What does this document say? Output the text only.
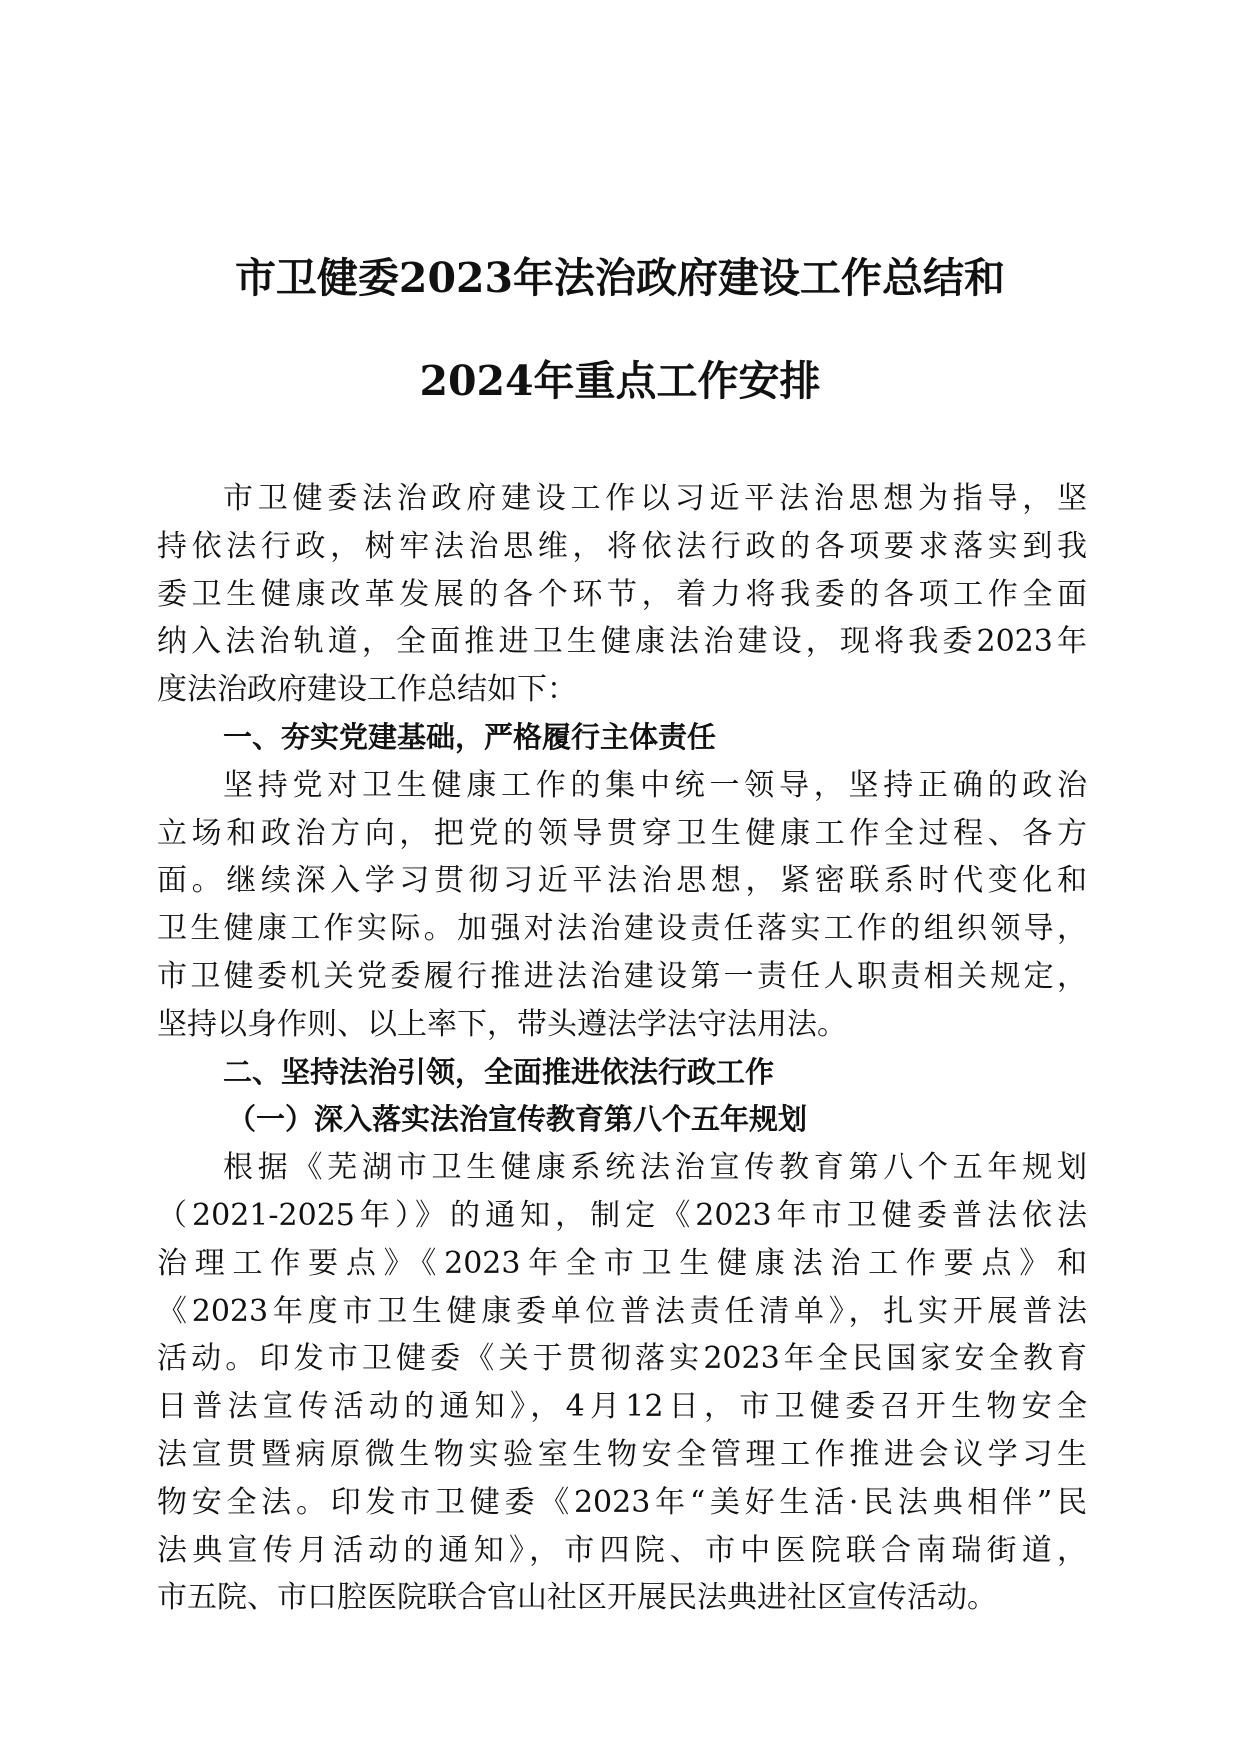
市卫健委2023年法治政府建设工作总结和
2024年重点工作安排
市卫健委法治政府建设工作以习近平法治思想为指导，坚
持依法行政，树牢法治思维，将依法行政的各项要求落实到我
委卫生健康改革发展的各个环节，着力将我委的各项工作全面
纳入法治轨道，全面推进卫生健康法治建设，现将我委2023年
度法治政府建设工作总结如下：
一、夯实党建基础，严格履行主体责任
坚持党对卫生健康工作的集中统一领导，坚持正确的政治
立场和政治方向，把党的领导贯穿卫生健康工作全过程、各方
面。继续深入学习贯彻习近平法治思想，紧密联系时代变化和
卫生健康工作实际。加强对法治建设责任落实工作的组织领导，
市卫健委机关党委履行推进法治建设第一责任人职责相关规定，
坚持以身作则、以上率下，带头遵法学法守法用法。
二、坚持法治引领，全面推进依法行政工作
（一）深入落实法治宣传教育第八个五年规划
根据《芜湖市卫生健康系统法治宣传教育第八个五年规划
（2021-2025年）》的通知，制定《2023年市卫健委普法依法
治理工作要点》《2023年全市卫生健康法治工作要点》和
《2023年度市卫生健康委单位普法责任清单》，扎实开展普法
活动。印发市卫健委《关于贯彻落实2023年全民国家安全教育
日普法宣传活动的通知》，4月12日，市卫健委召开生物安全
法宣贯暨病原微生物实验室生物安全管理工作推进会议学习生
物安全法。印发市卫健委《2023年“美好生活·民法典相伴”民
法典宣传月活动的通知》，市四院、市中医院联合南瑞街道，
市五院、市口腔医院联合官山社区开展民法典进社区宣传活动。
